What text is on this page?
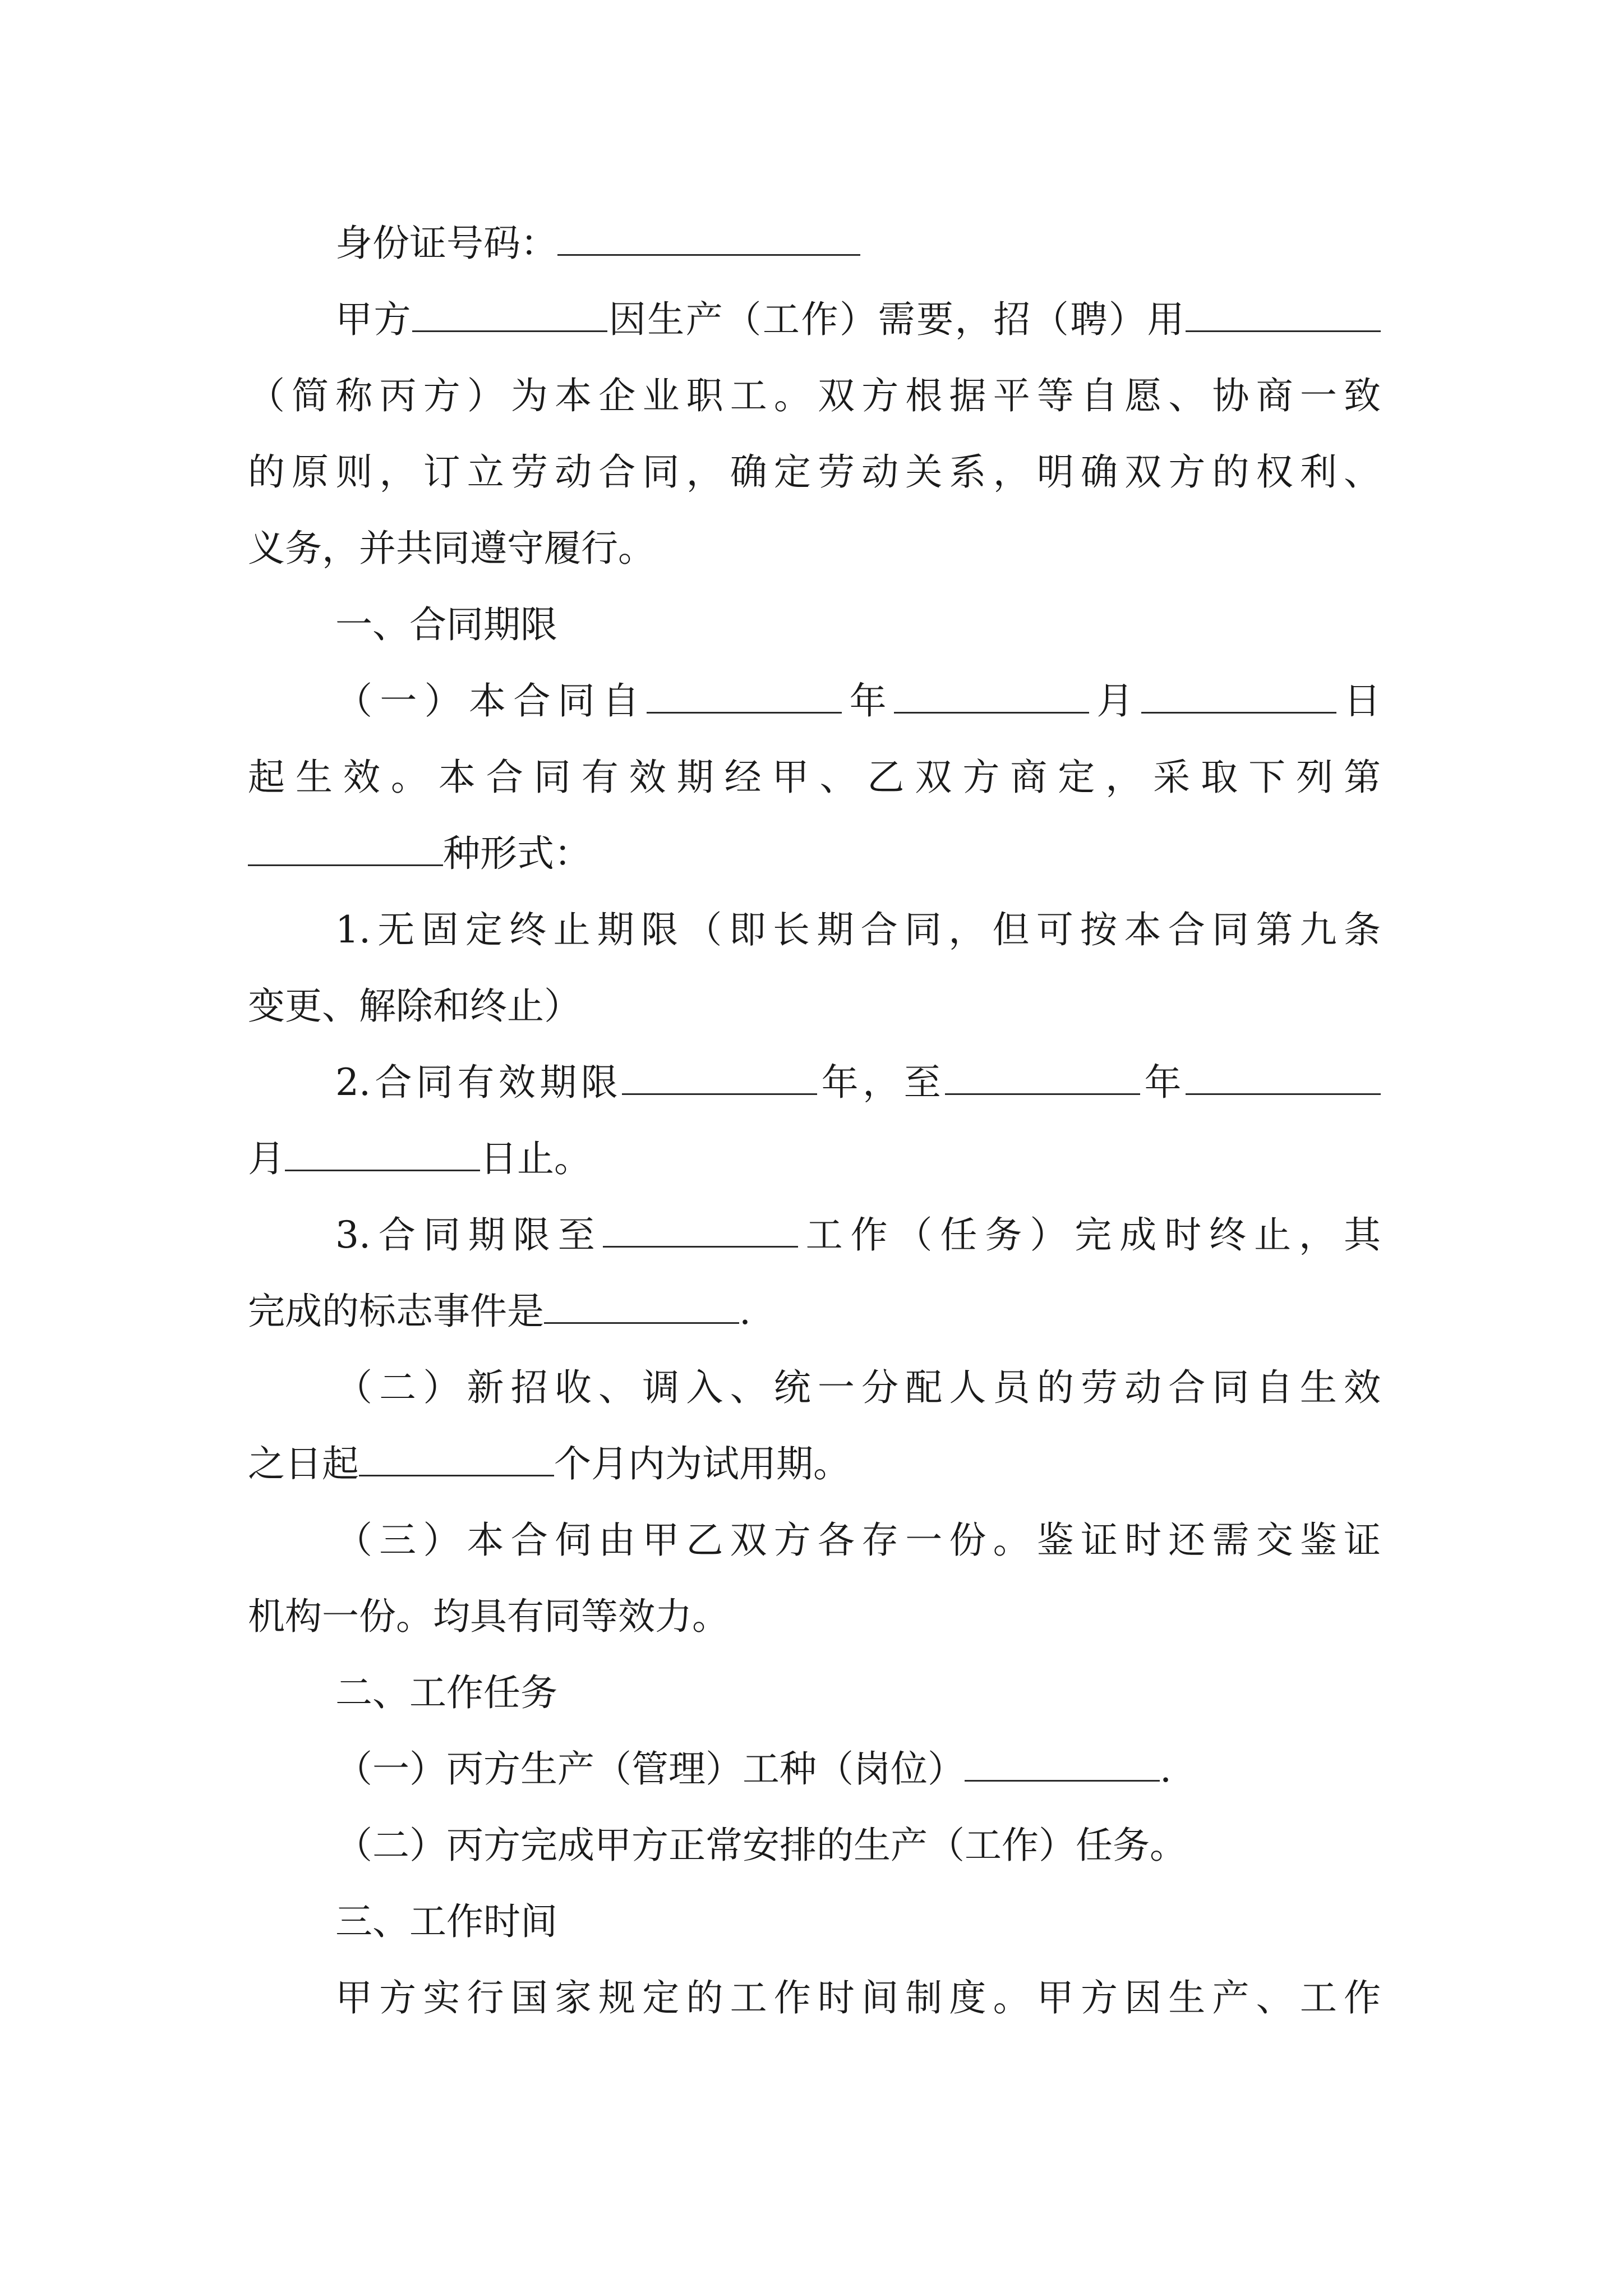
身份证号码：
甲方	因生产（工作）需要，招（聘）用
（简称丙方）为本企业职工。双方根据平等自愿、协商一致
的原则，订立劳动合同，确定劳动关系，明确双方的权利、
义务，并共同遵守履行。
一、合同期限
（一）本合同自	年	月	日
起生效。本合同有效期经甲、乙双方商定，采取下列第
种形式：
1.无固定终止期限（即长期合同，但可按本合同第九条
变更、解除和终止）
2.合同有效期限	年，至	年
月	日止。
3.合同期限至	工作（任务）完成时终止，其
完成的标志事件是	.
（二）新招收、调入、统一分配人员的劳动合同自生效
之日起	个月内为试用期。
（三）本合伺由甲乙双方各存一份。鉴证时还需交鉴证
机构一份。均具有同等效力。
二、工作任务
（一）丙方生产（管理）工种（岗位）	.
（二）丙方完成甲方正常安排的生产（工作）任务。
三、工作时间
甲方实行国家规定的工作时间制度。甲方因生产、工作
